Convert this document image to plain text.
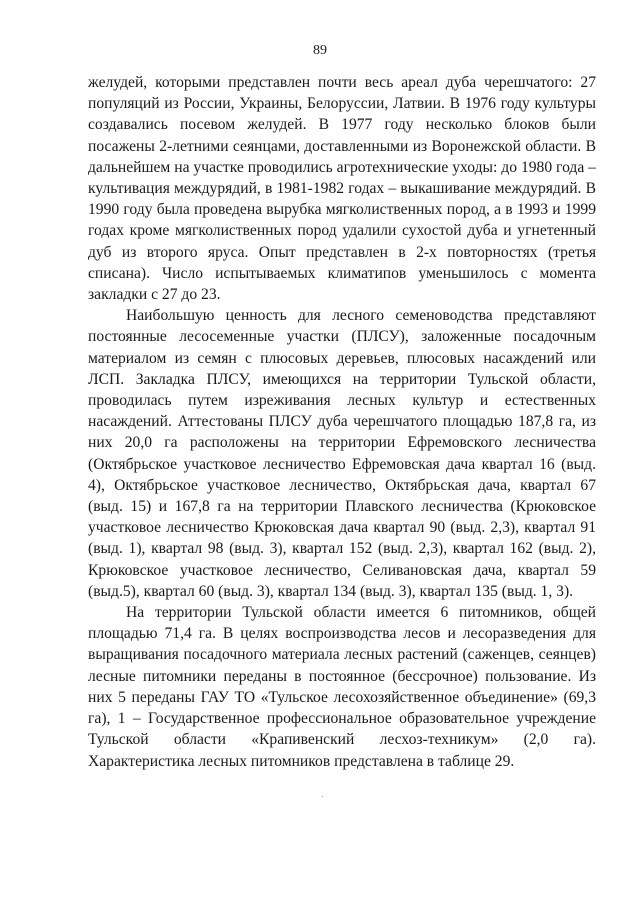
89

желудей, которыми представлен почти весь ареал дуба черешчатого: 27 популяций из России, Украины, Белоруссии, Латвии. В 1976 году культуры создавались посевом желудей. В 1977 году несколько блоков были посажены 2-летними сеянцами, доставленными из Воронежской области. В дальнейшем на участке проводились агротехнические уходы: до 1980 года – культивация междурядий, в 1981-1982 годах – выкашивание междурядий. В 1990 году была проведена вырубка мягколиственных пород, а в 1993 и 1999 годах кроме мягколиственных пород удалили сухостой дуба и угнетенный дуб из второго яруса. Опыт представлен в 2-х повторностях (третья списана). Число испытываемых климатипов уменьшилось с момента закладки с 27 до 23.

Наибольшую ценность для лесного семеноводства представляют постоянные лесосеменные участки (ПЛСУ), заложенные посадочным материалом из семян с плюсовых деревьев, плюсовых насаждений или ЛСП. Закладка ПЛСУ, имеющихся на территории Тульской области, проводилась путем изреживания лесных культур и естественных насаждений. Аттестованы ПЛСУ дуба черешчатого площадью 187,8 га, из них 20,0 га расположены на территории Ефремовского лесничества (Октябрьское участковое лесничество Ефремовская дача квартал 16 (выд. 4), Октябрьское участковое лесничество, Октябрьская дача, квартал 67 (выд. 15) и 167,8 га на территории Плавского лесничества (Крюковское участковое лесничество Крюковская дача квартал 90 (выд. 2,3), квартал 91 (выд. 1), квартал 98 (выд. 3), квартал 152 (выд. 2,3), квартал 162 (выд. 2), Крюковское участковое лесничество, Селивановская дача, квартал 59 (выд.5), квартал 60 (выд. 3), квартал 134 (выд. 3), квартал 135 (выд. 1, 3).

На территории Тульской области имеется 6 питомников, общей площадью 71,4 га. В целях воспроизводства лесов и лесоразведения для выращивания посадочного материала лесных растений (саженцев, сеянцев) лесные питомники переданы в постоянное (бессрочное) пользование. Из них 5 переданы ГАУ ТО «Тульское лесохозяйственное объединение» (69,3 га), 1 – Государственное профессиональное образовательное учреждение Тульской области «Крапивенский лесхоз-техникум» (2,0 га). Характеристика лесных питомников представлена в таблице 29.
